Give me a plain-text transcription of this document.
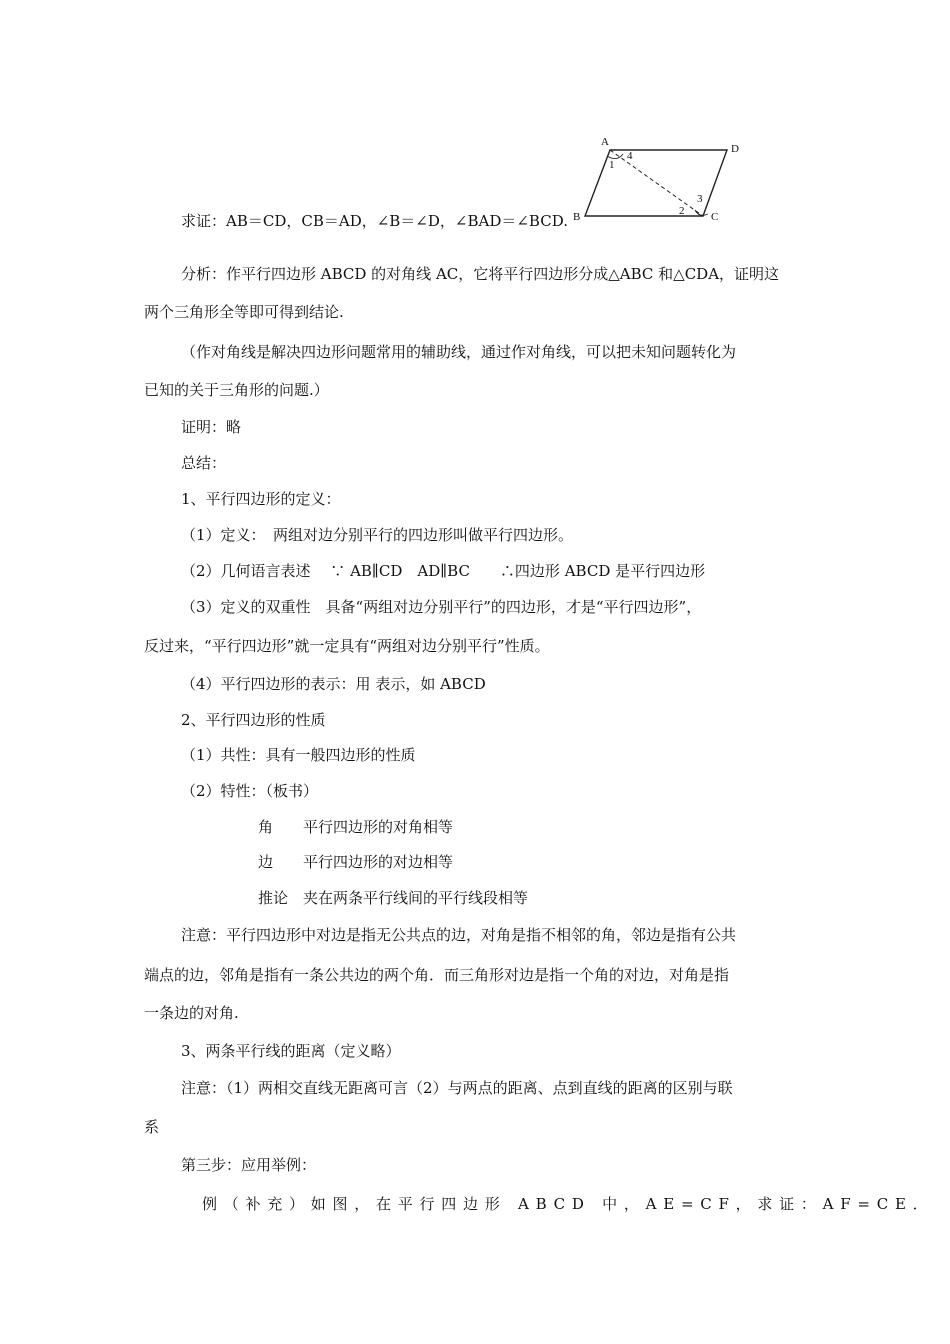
A
D
B	C
1
4
2
3
求证：AB＝CD，CB＝AD，∠B＝∠D，∠BAD＝∠BCD.
分析：作平行四边形 ABCD 的对角线 AC，它将平行四边形分成△ABC 和△CDA，证明这
两个三角形全等即可得到结论.
（作对角线是解决四边形问题常用的辅助线，通过作对角线，可以把未知问题转化为
已知的关于三角形的问题.）
证明：略
总结：
1、平行四边形的定义：
（1）定义：　两组对边分别平行的四边形叫做平行四边形。
（2）几何语言表述　 ∵ AB∥CD　AD∥BC　　∴四边形 ABCD 是平行四边形
（3）定义的双重性　具备“两组对边分别平行”的四边形，才是“平行四边形”，
反过来，“平行四边形”就一定具有“两组对边分别平行”性质。
（4）平行四边形的表示：用 表示，如 ABCD
2、平行四边形的性质
（1）共性：具有一般四边形的性质
（2）特性：（板书）
角　　平行四边形的对角相等
边　　平行四边形的对边相等
推论　夹在两条平行线间的平行线段相等
注意：平行四边形中对边是指无公共点的边，对角是指不相邻的角，邻边是指有公共
端点的边，邻角是指有一条公共边的两个角．而三角形对边是指一个角的对边，对角是指
一条边的对角.
3、两条平行线的距离（定义略）
注意：（1）两相交直线无距离可言（2）与两点的距离、点到直线的距离的区别与联
系
第三步：应用举例：
例（补充）如图，在平行四边形 ABCD 中，AE=CF，求证：AF=CE．
